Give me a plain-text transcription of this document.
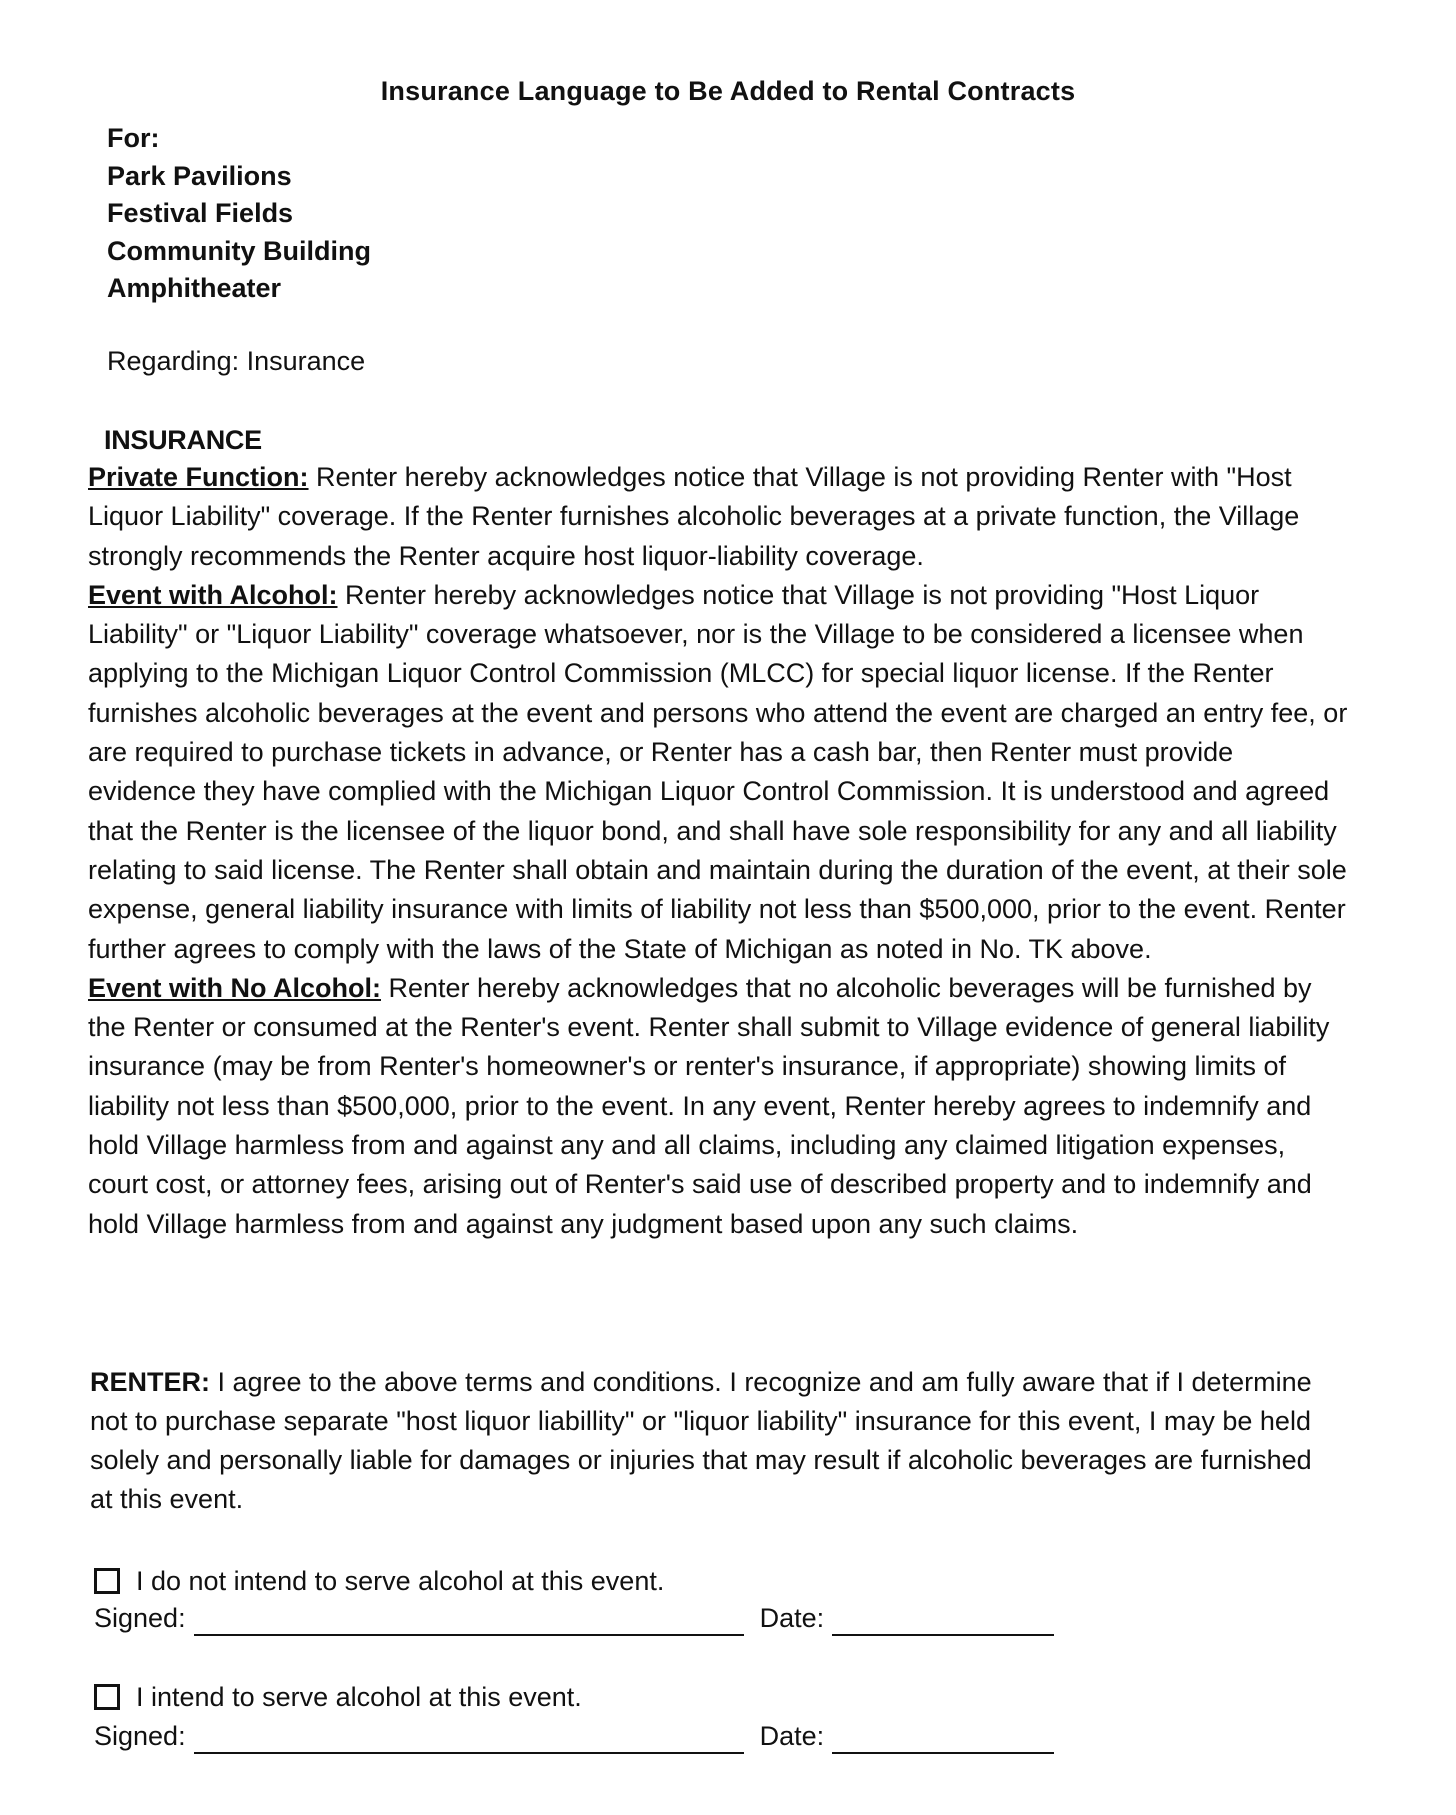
Insurance Language to Be Added to Rental Contracts
For:
Park Pavilions
Festival Fields
Community Building
Amphitheater
Regarding: Insurance
INSURANCE
Private Function: Renter hereby acknowledges notice that Village is not providing Renter with "Host Liquor Liability" coverage. If the Renter furnishes alcoholic beverages at a private function, the Village strongly recommends the Renter acquire host liquor-liability coverage.
Event with Alcohol: Renter hereby acknowledges notice that Village is not providing "Host Liquor Liability" or "Liquor Liability" coverage whatsoever, nor is the Village to be considered a licensee when applying to the Michigan Liquor Control Commission (MLCC) for special liquor license. If the Renter furnishes alcoholic beverages at the event and persons who attend the event are charged an entry fee, or are required to purchase tickets in advance, or Renter has a cash bar, then Renter must provide evidence they have complied with the Michigan Liquor Control Commission. It is understood and agreed that the Renter is the licensee of the liquor bond, and shall have sole responsibility for any and all liability relating to said license. The Renter shall obtain and maintain during the duration of the event, at their sole expense, general liability insurance with limits of liability not less than $500,000, prior to the event. Renter further agrees to comply with the laws of the State of Michigan as noted in No. TK above.
Event with No Alcohol: Renter hereby acknowledges that no alcoholic beverages will be furnished by the Renter or consumed at the Renter's event. Renter shall submit to Village evidence of general liability insurance (may be from Renter's homeowner's or renter's insurance, if appropriate) showing limits of liability not less than $500,000, prior to the event. In any event, Renter hereby agrees to indemnify and hold Village harmless from and against any and all claims, including any claimed litigation expenses, court cost, or attorney fees, arising out of Renter's said use of described property and to indemnify and hold Village harmless from and against any judgment based upon any such claims.
RENTER: I agree to the above terms and conditions. I recognize and am fully aware that if I determine not to purchase separate "host liquor liabillity" or "liquor liability" insurance for this event, I may be held solely and personally liable for damages or injuries that may result if alcoholic beverages are furnished at this event.
I do not intend to serve alcohol at this event.
Signed:	Date:
I intend to serve alcohol at this event.
Signed:	Date:
